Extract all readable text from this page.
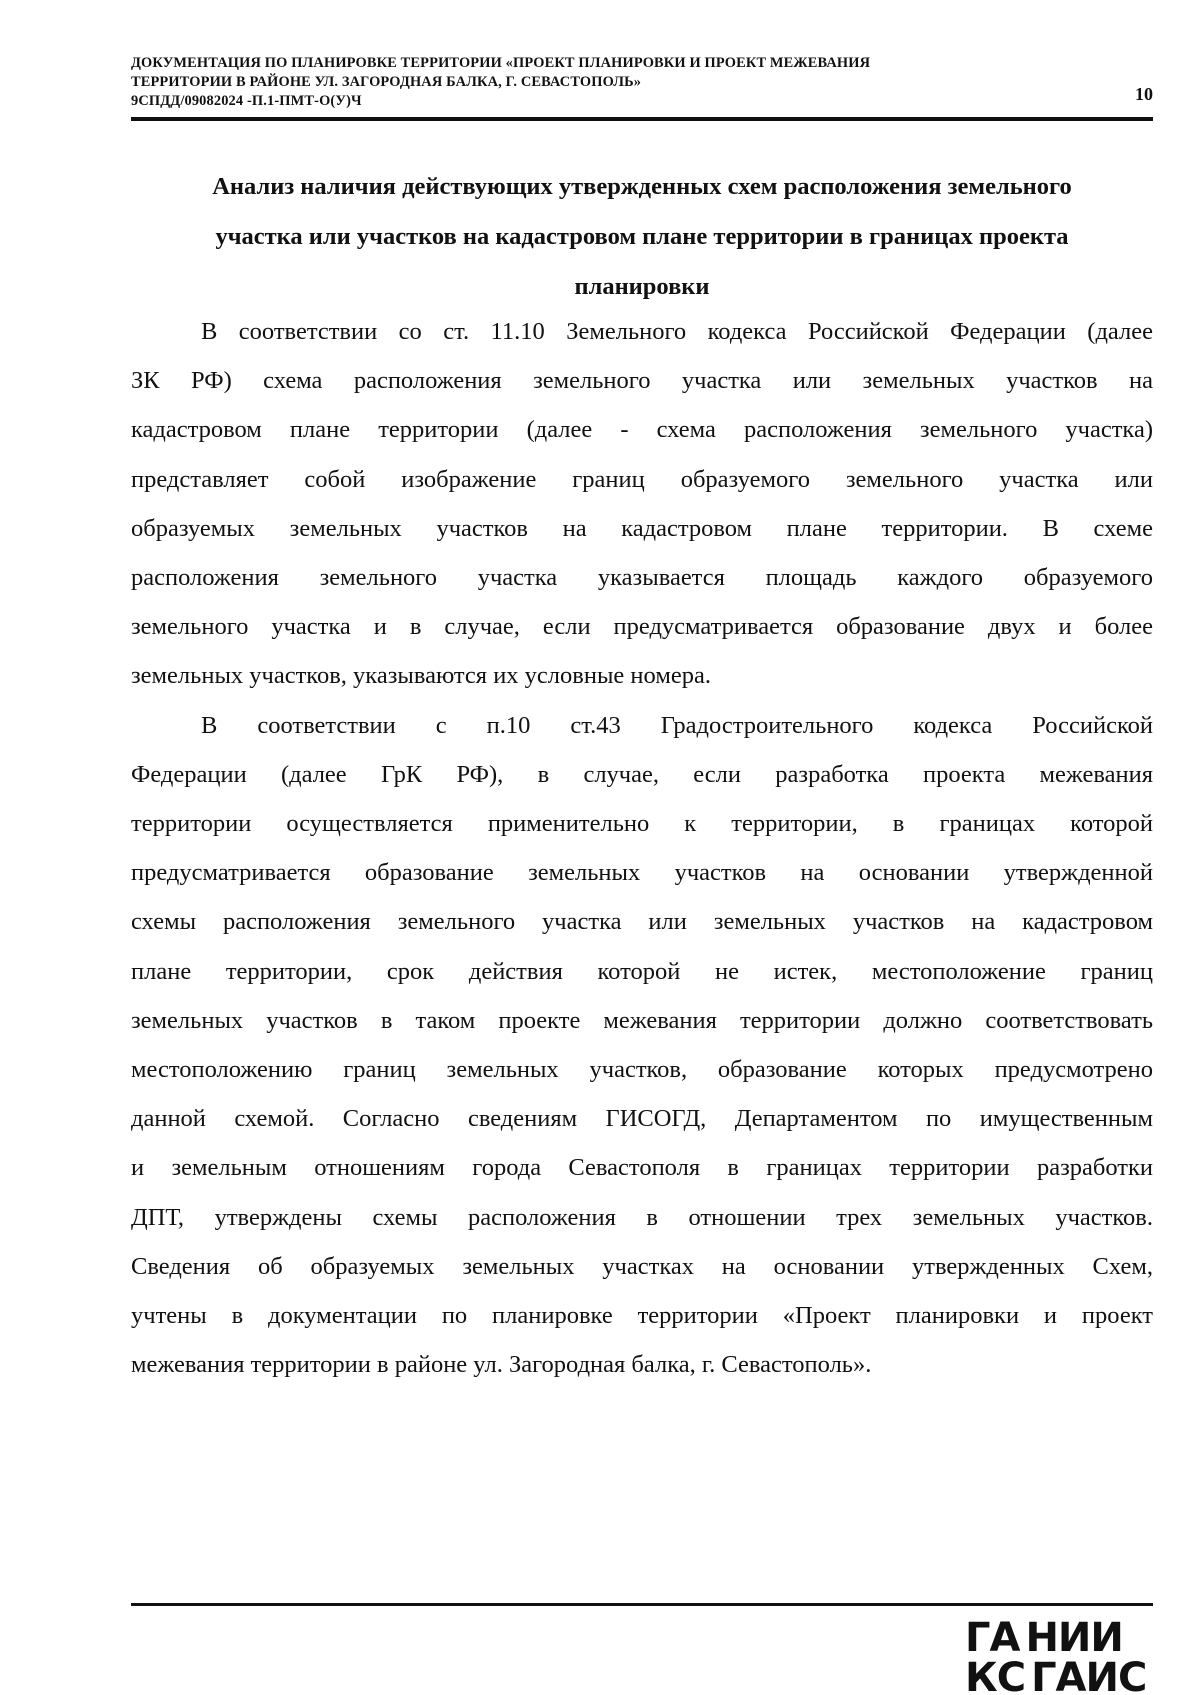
ДОКУМЕНТАЦИЯ ПО ПЛАНИРОВКЕ ТЕРРИТОРИИ «ПРОЕКТ ПЛАНИРОВКИ И ПРОЕКТ МЕЖЕВАНИЯ
ТЕРРИТОРИИ В РАЙОНЕ УЛ. ЗАГОРОДНАЯ БАЛКА, Г. СЕВАСТОПОЛЬ»
9СПДД/09082024 -П.1-ПМТ-О(У)Ч	10
Анализ наличия действующих утвержденных схем расположения земельного
участка или участков на кадастровом плане территории в границах проекта
планировки
В соответствии со ст. 11.10 Земельного кодекса Российской Федерации (далее
ЗК РФ) схема расположения земельного участка или земельных участков на
кадастровом плане территории (далее - схема расположения земельного участка)
представляет собой изображение границ образуемого земельного участка или
образуемых земельных участков на кадастровом плане территории. В схеме
расположения земельного участка указывается площадь каждого образуемого
земельного участка и в случае, если предусматривается образование двух и более
земельных участков, указываются их условные номера.
В соответствии с п.10 ст.43 Градостроительного кодекса Российской
Федерации (далее ГрК РФ), в случае, если разработка проекта межевания
территории осуществляется применительно к территории, в границах которой
предусматривается образование земельных участков на основании утвержденной
схемы расположения земельного участка или земельных участков на кадастровом
плане территории, срок действия которой не истек, местоположение границ
земельных участков в таком проекте межевания территории должно соответствовать
местоположению границ земельных участков, образование которых предусмотрено
данной схемой. Согласно сведениям ГИСОГД, Департаментом по имущественным
и земельным отношениям города Севастополя в границах территории разработки
ДПТ, утверждены схемы расположения в отношении трех земельных участков.
Сведения об образуемых земельных участках на основании утвержденных Схем,
учтены в документации по планировке территории «Проект планировки и проект
межевания территории в районе ул. Загородная балка, г. Севастополь».
ГА НИИ
КС ГАИС
